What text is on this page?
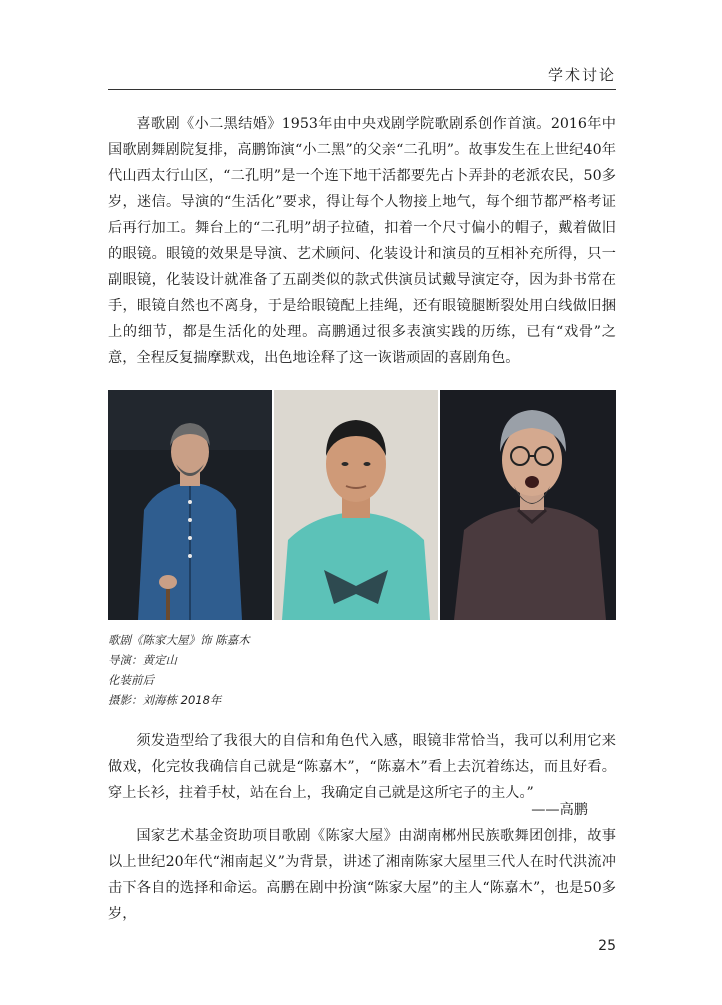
学术讨论

喜歌剧《小二黑结婚》1953年由中央戏剧学院歌剧系创作首演。2016年中国歌剧舞剧院复排，高鹏饰演“小二黑”的父亲“二孔明”。故事发生在上世纪40年代山西太行山区，“二孔明”是一个连下地干活都要先占卜弄卦的老派农民，50多岁，迷信。导演的“生活化”要求，得让每个人物接上地气，每个细节都严格考证后再行加工。舞台上的“二孔明”胡子拉碴，扣着一个尺寸偏小的帽子，戴着做旧的眼镜。眼镜的效果是导演、艺术顾问、化装设计和演员的互相补充所得，只一副眼镜，化装设计就准备了五副类似的款式供演员试戴导演定夺，因为卦书常在手，眼镜自然也不离身，于是给眼镜配上挂绳，还有眼镜腿断裂处用白线做旧捆上的细节，都是生活化的处理。高鹏通过很多表演实践的历练，已有“戏骨”之意，全程反复揣摩默戏，出色地诠释了这一诙谐顽固的喜剧角色。

歌剧《陈家大屋》饰 陈嘉木
导演：黄定山
化装前后
摄影：刘海栋 2018年

须发造型给了我很大的自信和角色代入感，眼镜非常恰当，我可以利用它来做戏，化完妆我确信自己就是“陈嘉木”，“陈嘉木”看上去沉着练达，而且好看。穿上长衫，拄着手杖，站在台上，我确定自己就是这所宅子的主人。”

——高鹏

国家艺术基金资助项目歌剧《陈家大屋》由湖南郴州民族歌舞团创排，故事以上世纪20年代“湘南起义”为背景，讲述了湘南陈家大屋里三代人在时代洪流冲击下各自的选择和命运。高鹏在剧中扮演“陈家大屋”的主人“陈嘉木”，也是50多岁，

25
